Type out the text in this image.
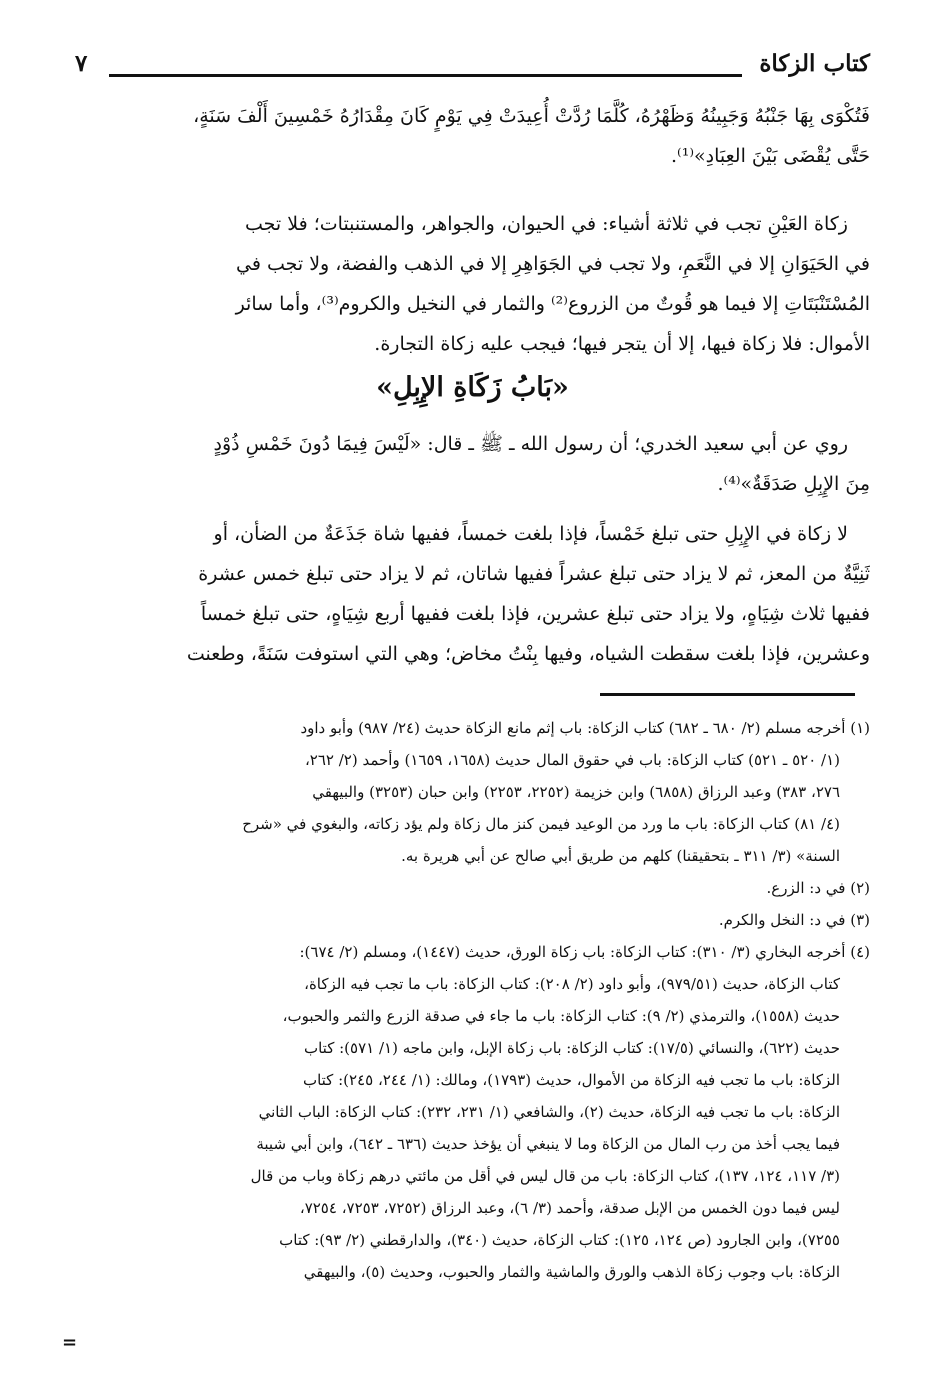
كتاب الزكاة
٧
فَتُكْوَى بِهَا جَنْبُهُ وَجَبِينُهُ وَظَهْرُهُ، كُلَّمَا رُدَّتْ أُعِيدَتْ فِي يَوْمٍ كَانَ مِقْدَارُهُ خَمْسِينَ أَلْفَ سَنَةٍ،
حَتَّى يُقْضَى بَيْنَ العِبَادِ»⁽¹⁾.
زكاة العَيْنِ تجب في ثلاثة أشياء: في الحيوان، والجواهر، والمستنبتات؛ فلا تجب
في الحَيَوَانِ إلا في النَّعَمِ، ولا تجب في الجَوَاهِرِ إلا في الذهب والفضة، ولا تجب في
المُسْتَنْبَتَاتِ إلا فيما هو قُوتٌ من الزروع⁽²⁾ والثمار في النخيل والكروم⁽³⁾، وأما سائر
الأموال: فلا زكاة فيها، إلا أن يتجر فيها؛ فيجب عليه زكاة التجارة.
«بَابُ زَكَاةِ الإِبِلِ»
روي عن أبي سعيد الخدري؛ أن رسول الله ـ ﷺ ـ قال: «لَيْسَ فِيمَا دُونَ خَمْسِ ذُوْدٍ
مِنَ الإِبِلِ صَدَقَةٌ»⁽⁴⁾.
لا زكاة في الإِبِلِ حتى تبلغ خَمْساً، فإذا بلغت خمساً، ففيها شاة جَذَعَةٌ من الضأن، أو
ثَنِيَّةٌ من المعز، ثم لا يزاد حتى تبلغ عشراً ففيها شاتان، ثم لا يزاد حتى تبلغ خمس عشرة
ففيها ثلاث شِيَاهٍ، ولا يزاد حتى تبلغ عشرين، فإذا بلغت ففيها أربع شِيَاهٍ، حتى تبلغ خمساً
وعشرين، فإذا بلغت سقطت الشياه، وفيها بِنْتُ مخاض؛ وهي التي استوفت سَنَةً، وطعنت
(١) أخرجه مسلم (٢/ ٦٨٠ ـ ٦٨٢) كتاب الزكاة: باب إثم مانع الزكاة حديث (٢٤/ ٩٨٧) وأبو داود
(١/ ٥٢٠ ـ ٥٢١) كتاب الزكاة: باب في حقوق المال حديث (١٦٥٨، ١٦٥٩) وأحمد (٢/ ٢٦٢،
٢٧٦، ٣٨٣) وعبد الرزاق (٦٨٥٨) وابن خزيمة (٢٢٥٢، ٢٢٥٣) وابن حبان (٣٢٥٣) والبيهقي
(٤/ ٨١) كتاب الزكاة: باب ما ورد من الوعيد فيمن كنز مال زكاة ولم يؤد زكاته، والبغوي في «شرح
السنة» (٣/ ٣١١ ـ بتحقيقنا) كلهم من طريق أبي صالح عن أبي هريرة به.
(٢) في د: الزرع.
(٣) في د: النخل والكرم.
(٤) أخرجه البخاري (٣/ ٣١٠): كتاب الزكاة: باب زكاة الورق، حديث (١٤٤٧)، ومسلم (٢/ ٦٧٤):
كتاب الزكاة، حديث (٩٧٩/٥١)، وأبو داود (٢/ ٢٠٨): كتاب الزكاة: باب ما تجب فيه الزكاة،
حديث (١٥٥٨)، والترمذي (٢/ ٩): كتاب الزكاة: باب ما جاء في صدقة الزرع والثمر والحبوب،
حديث (٦٢٢)، والنسائي (١٧/٥): كتاب الزكاة: باب زكاة الإبل، وابن ماجه (١/ ٥٧١): كتاب
الزكاة: باب ما تجب فيه الزكاة من الأموال، حديث (١٧٩٣)، ومالك: (١/ ٢٤٤، ٢٤٥): كتاب
الزكاة: باب ما تجب فيه الزكاة، حديث (٢)، والشافعي (١/ ٢٣١، ٢٣٢): كتاب الزكاة: الباب الثاني
فيما يجب أخذ من رب المال من الزكاة وما لا ينبغي أن يؤخذ حديث (٦٣٦ ـ ٦٤٢)، وابن أبي شيبة
(٣/ ١١٧، ١٢٤، ١٣٧)، كتاب الزكاة: باب من قال ليس في أقل من مائتي درهم زكاة وباب من قال
ليس فيما دون الخمس من الإبل صدقة، وأحمد (٣/ ٦)، وعبد الرزاق (٧٢٥٢، ٧٢٥٣، ٧٢٥٤،
٧٢٥٥)، وابن الجارود (ص ١٢٤، ١٢٥): كتاب الزكاة، حديث (٣٤٠)، والدارقطني (٢/ ٩٣): كتاب
الزكاة: باب وجوب زكاة الذهب والورق والماشية والثمار والحبوب، وحديث (٥)، والبيهقي
=
